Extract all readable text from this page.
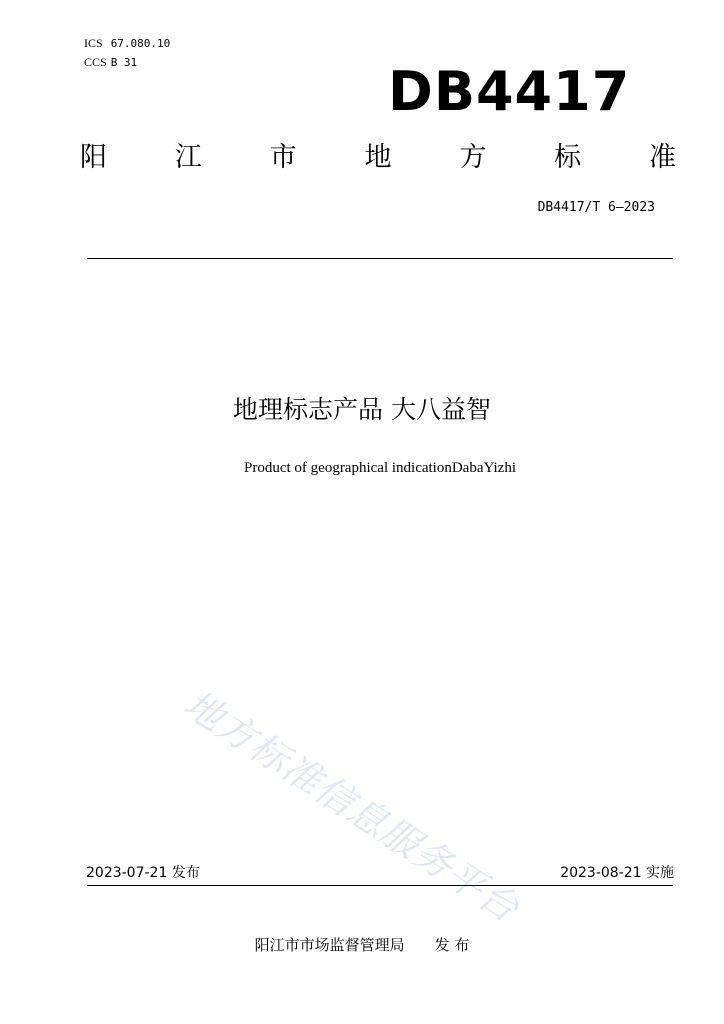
ICS 67.080.10
CCS B 31	DB4417
阳	江	市	地	方	标	准
DB4417/T 6—2023
地理标志产品 大八益智
Product of geographical indicationDabaYizhi
地方标准信息服务平台
2023-07-21 发布	2023-08-21 实施
阳江市市场监督管理局 发 布
